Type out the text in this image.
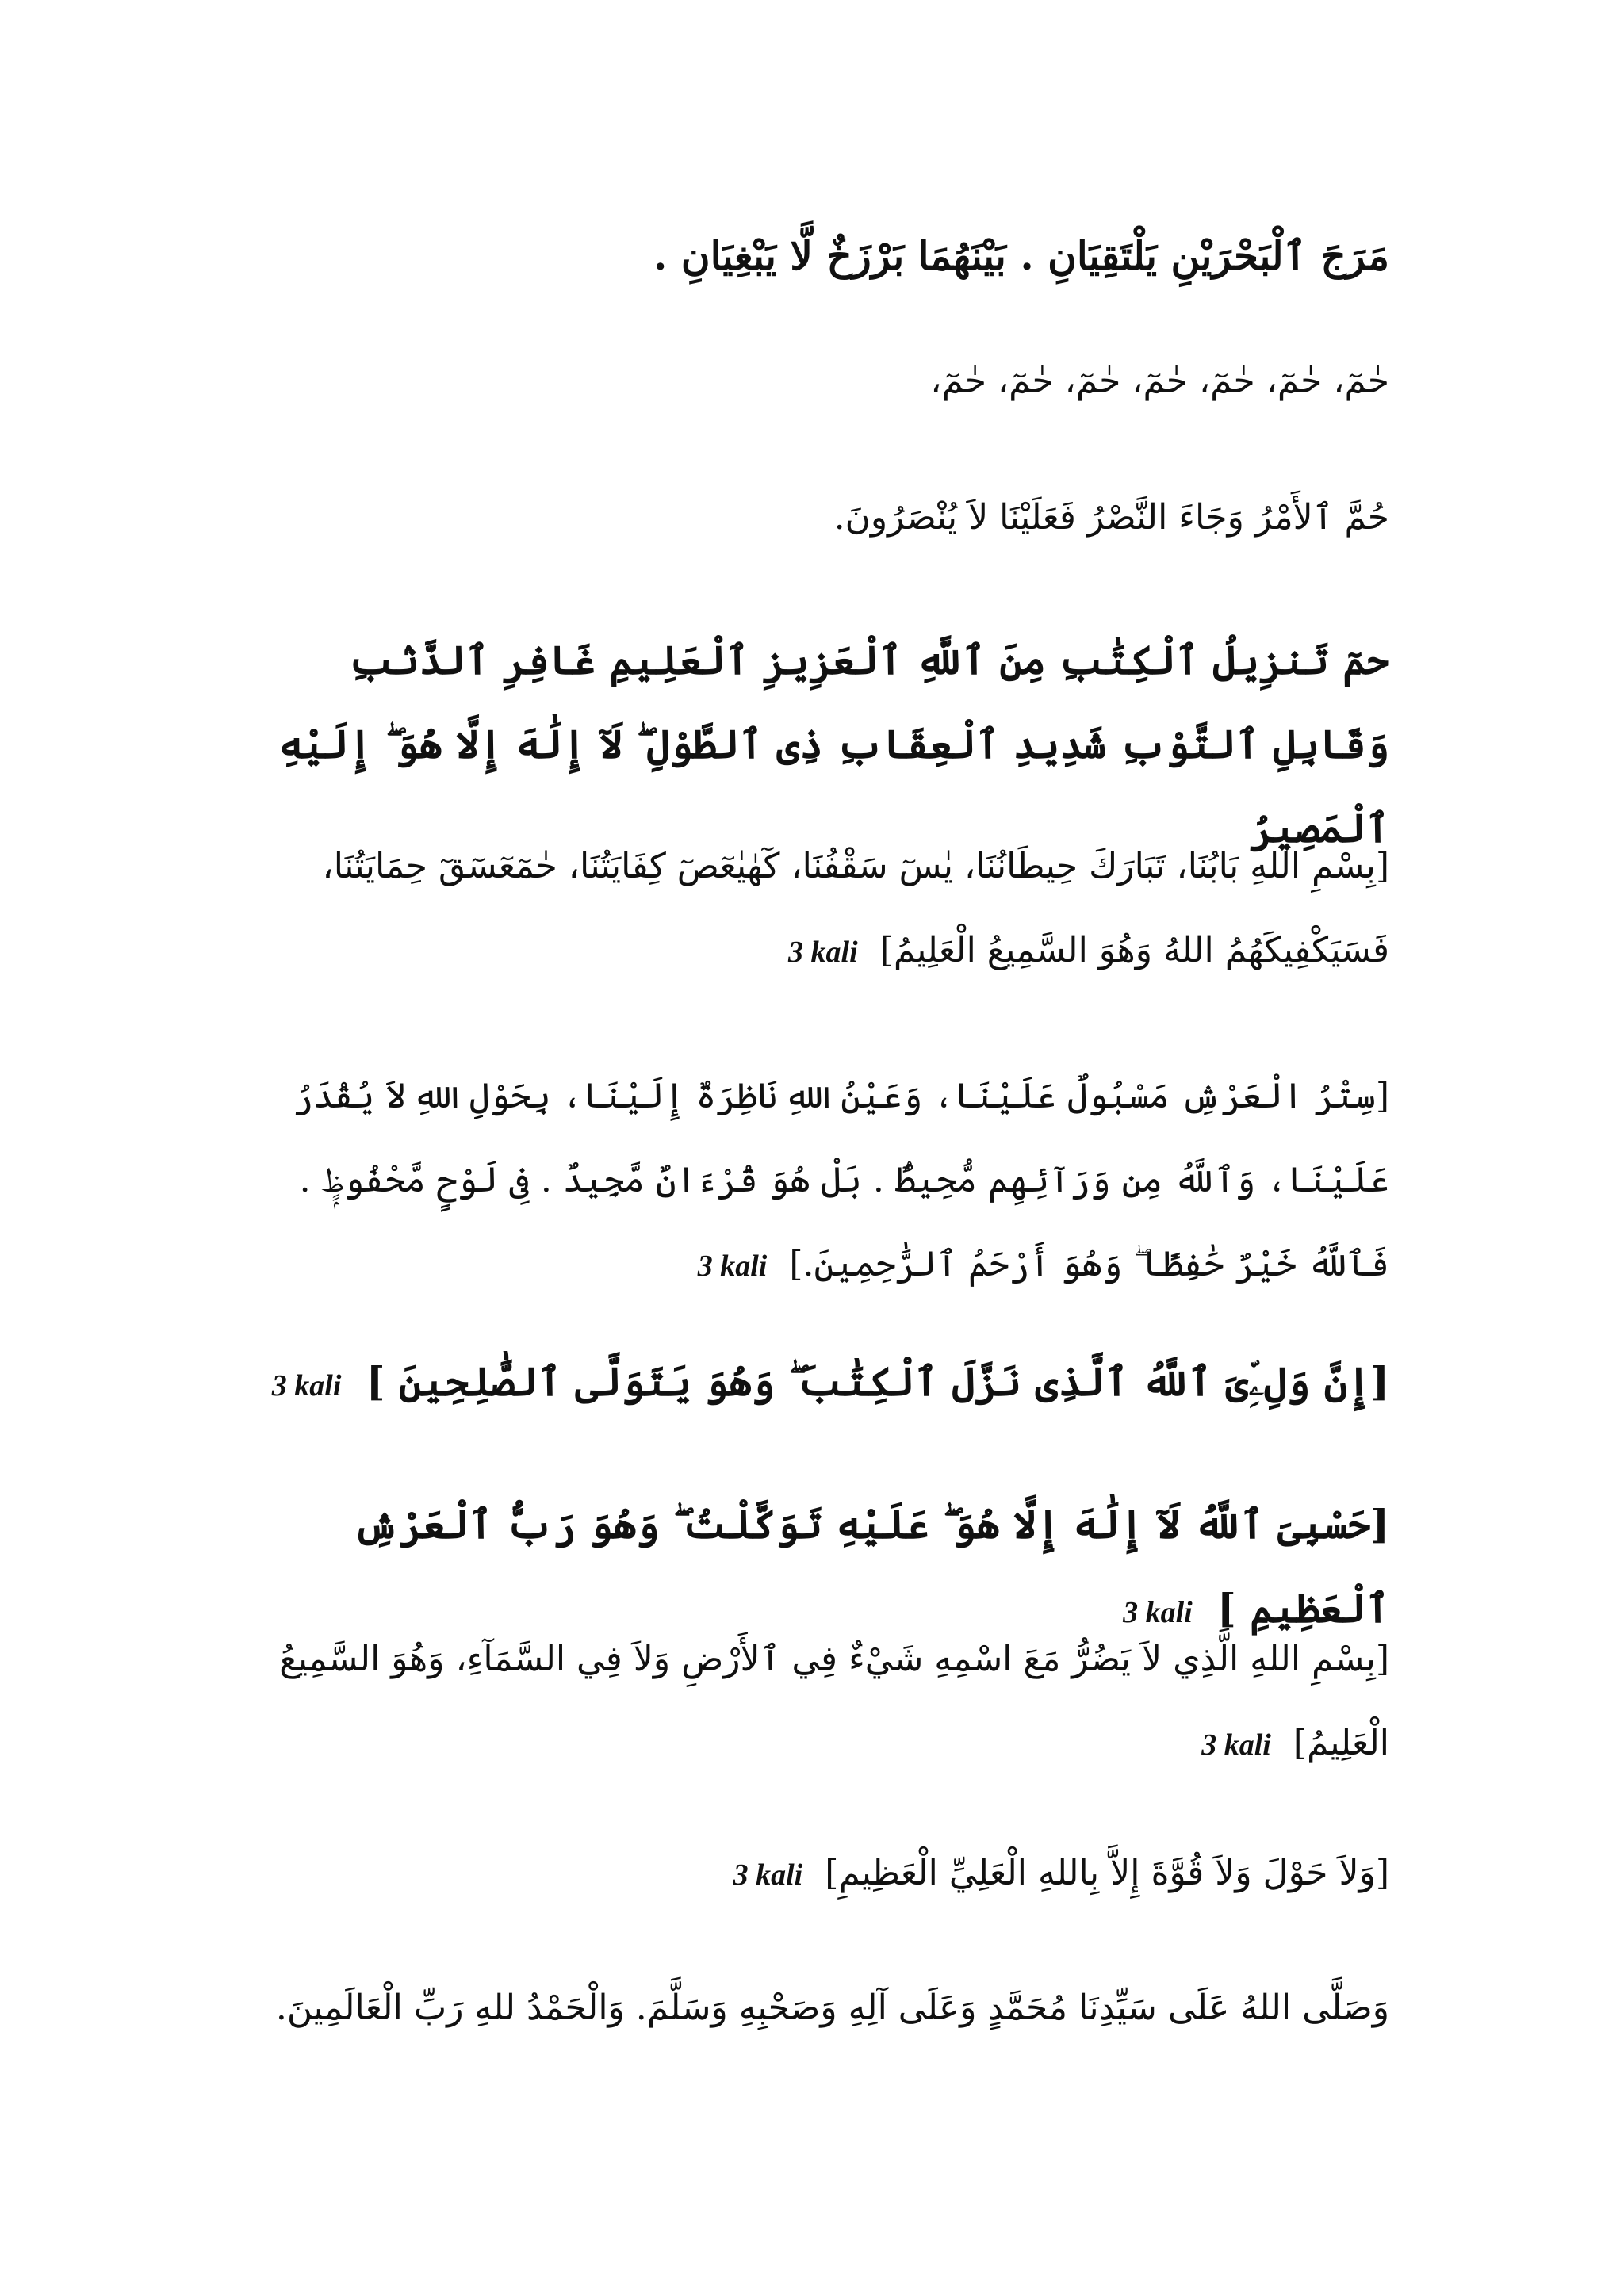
مَرَجَ ٱلْبَحْرَيْنِ يَلْتَقِيَانِ . بَيْنَهُمَا بَرْزَخٌ لَّا يَبْغِيَانِ .
حٰمٓ، حٰمٓ، حٰمٓ، حٰمٓ، حٰمٓ، حٰمٓ، حٰمٓ،
حُمَّ ٱلأَمْرُ وَجَاءَ النَّصْرُ فَعَلَيْنَا لاَ يُنْصَرُونَ.
حمٓ تَنزِيلُ ٱلْكِتَٰبِ مِنَ ٱللَّهِ ٱلْعَزِيزِ ٱلْعَلِيمِ غَافِرِ ٱلذَّنۢبِ وَقَابِلِ ٱلتَّوْبِ شَدِيدِ ٱلْعِقَابِ ذِى ٱلطَّوْلِ ۖ لَآ إِلَٰهَ إِلَّا هُوَ ۖ إِلَيْهِ ٱلْمَصِيرُ
[بِسْمِ اللهِ بَابُنَا، تَبَارَكَ حِيطَانُنَا، يٰسٓ سَقْفُنَا، كٓهٰيٰعٓصٓ كِفَايَتُنَا، حٰمٓعٓسٓقٓ حِمَايَتُنَا، فَسَيَكْفِيكَهُمُ اللهُ وَهُوَ السَّمِيعُ الْعَلِيمُ] 3 kali
[سِتْرُ الْعَرْشِ مَسْبُولٌ عَلَيْنَا، وَعَيْنُ اللهِ نَاظِرَةٌ إِلَيْنَا، بِحَوْلِ اللهِ لاَ يُقْدَرُ عَلَيْنَا، وَٱللَّهُ مِن وَرَآئِهِم مُّحِيطٌۢ . بَلْ هُوَ قُرْءَانٌ مَّجِيدٌ . فِى لَوْحٍ مَّحْفُوظٍۭ . فَٱللَّهُ خَيْرٌ حَٰفِظًا ۖ وَهُوَ أَرْحَمُ ٱلرَّٰحِمِينَ.] 3 kali
[إِنَّ وَلِۦِّىَ ٱللَّهُ ٱلَّذِى نَزَّلَ ٱلْكِتَٰبَ ۖ وَهُوَ يَتَوَلَّى ٱلصَّٰلِحِينَ ] 3 kali
[حَسْبِىَ ٱللَّهُ لَآ إِلَٰهَ إِلَّا هُوَ ۖ عَلَيْهِ تَوَكَّلْتُ ۖ وَهُوَ رَبُّ ٱلْعَرْشِ ٱلْعَظِيمِ ] 3 kali
[بِسْمِ اللهِ الَّذِي لاَ يَضُرُّ مَعَ اسْمِهِ شَيْءٌ فِي ٱلأَرْضِ وَلاَ فِي السَّمَآءِ، وَهُوَ السَّمِيعُ الْعَلِيمُ] 3 kali
[وَلاَ حَوْلَ وَلاَ قُوَّةَ إِلاَّ بِاللهِ الْعَلِيِّ الْعَظِيمِ] 3 kali
وَصَلَّى اللهُ عَلَى سَيِّدِنَا مُحَمَّدٍ وَعَلَى آلِهِ وَصَحْبِهِ وَسَلَّمَ. وَالْحَمْدُ للهِ رَبِّ الْعَالَمِينَ.
